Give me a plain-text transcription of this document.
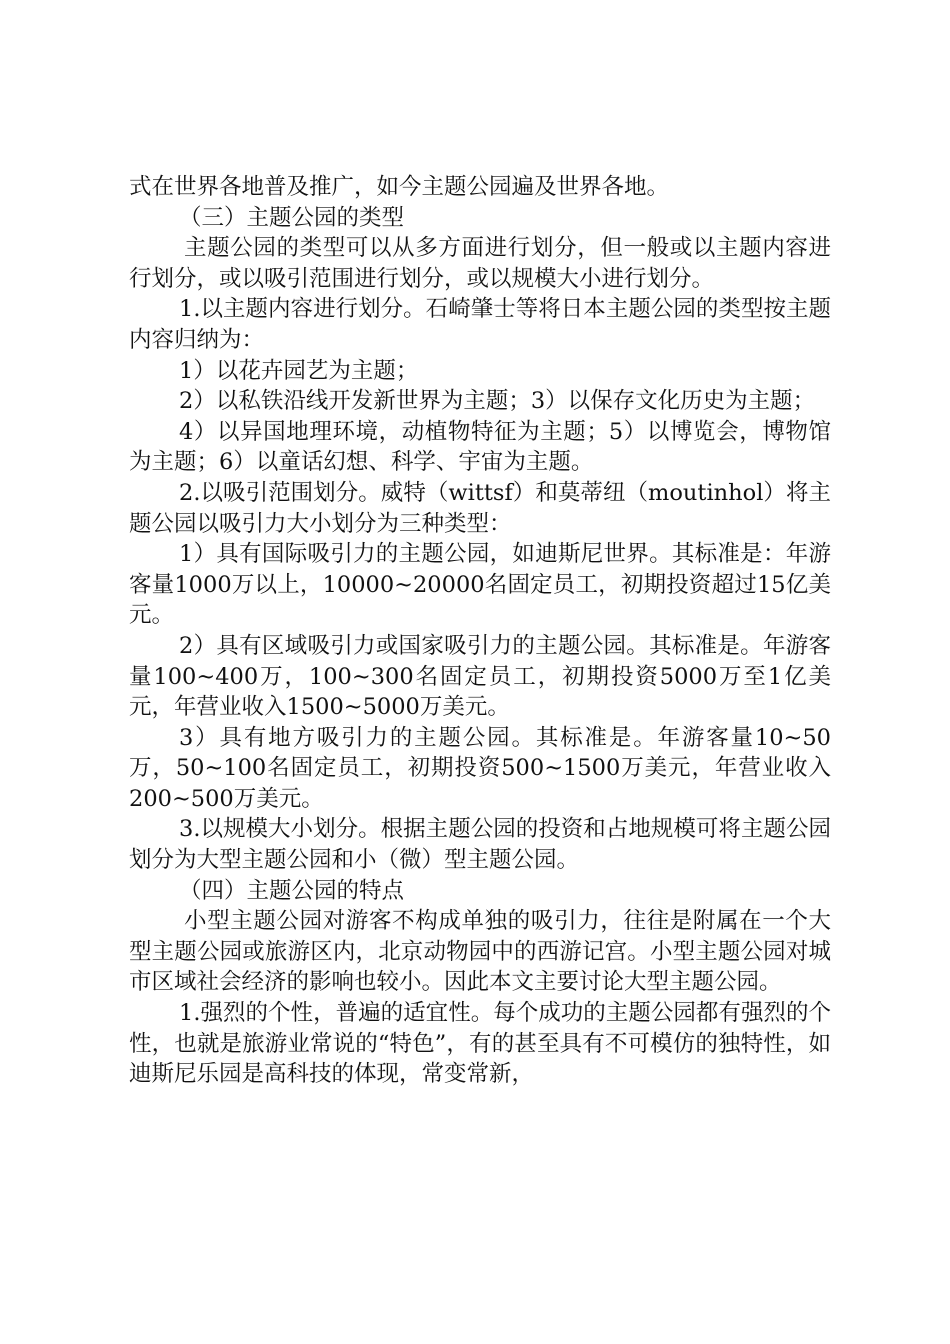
式在世界各地普及推广，如今主题公园遍及世界各地。

（三）主题公园的类型

主题公园的类型可以从多方面进行划分，但一般或以主题内容进行划分，或以吸引范围进行划分，或以规模大小进行划分。

1.以主题内容进行划分。石崎肇士等将日本主题公园的类型按主题内容归纳为：

1）以花卉园艺为主题；

2）以私铁沿线开发新世界为主题；3）以保存文化历史为主题；

4）以异国地理环境，动植物特征为主题；5）以博览会，博物馆为主题；6）以童话幻想、科学、宇宙为主题。

2.以吸引范围划分。威特（wittsf）和莫蒂纽（moutinhol）将主题公园以吸引力大小划分为三种类型：

1）具有国际吸引力的主题公园，如迪斯尼世界。其标准是：年游客量1000万以上，10000~20000名固定员工，初期投资超过15亿美元。

2）具有区域吸引力或国家吸引力的主题公园。其标准是。年游客量100~400万，100~300名固定员工，初期投资5000万至1亿美元，年营业收入1500~5000万美元。

3）具有地方吸引力的主题公园。其标准是。年游客量10~50万，50~100名固定员工，初期投资500~1500万美元，年营业收入200~500万美元。

3.以规模大小划分。根据主题公园的投资和占地规模可将主题公园划分为大型主题公园和小（微）型主题公园。

（四）主题公园的特点

小型主题公园对游客不构成单独的吸引力，往往是附属在一个大型主题公园或旅游区内，北京动物园中的西游记宫。小型主题公园对城市区域社会经济的影响也较小。因此本文主要讨论大型主题公园。

1.强烈的个性，普遍的适宜性。每个成功的主题公园都有强烈的个性，也就是旅游业常说的“特色”，有的甚至具有不可模仿的独特性，如迪斯尼乐园是高科技的体现，常变常新，
